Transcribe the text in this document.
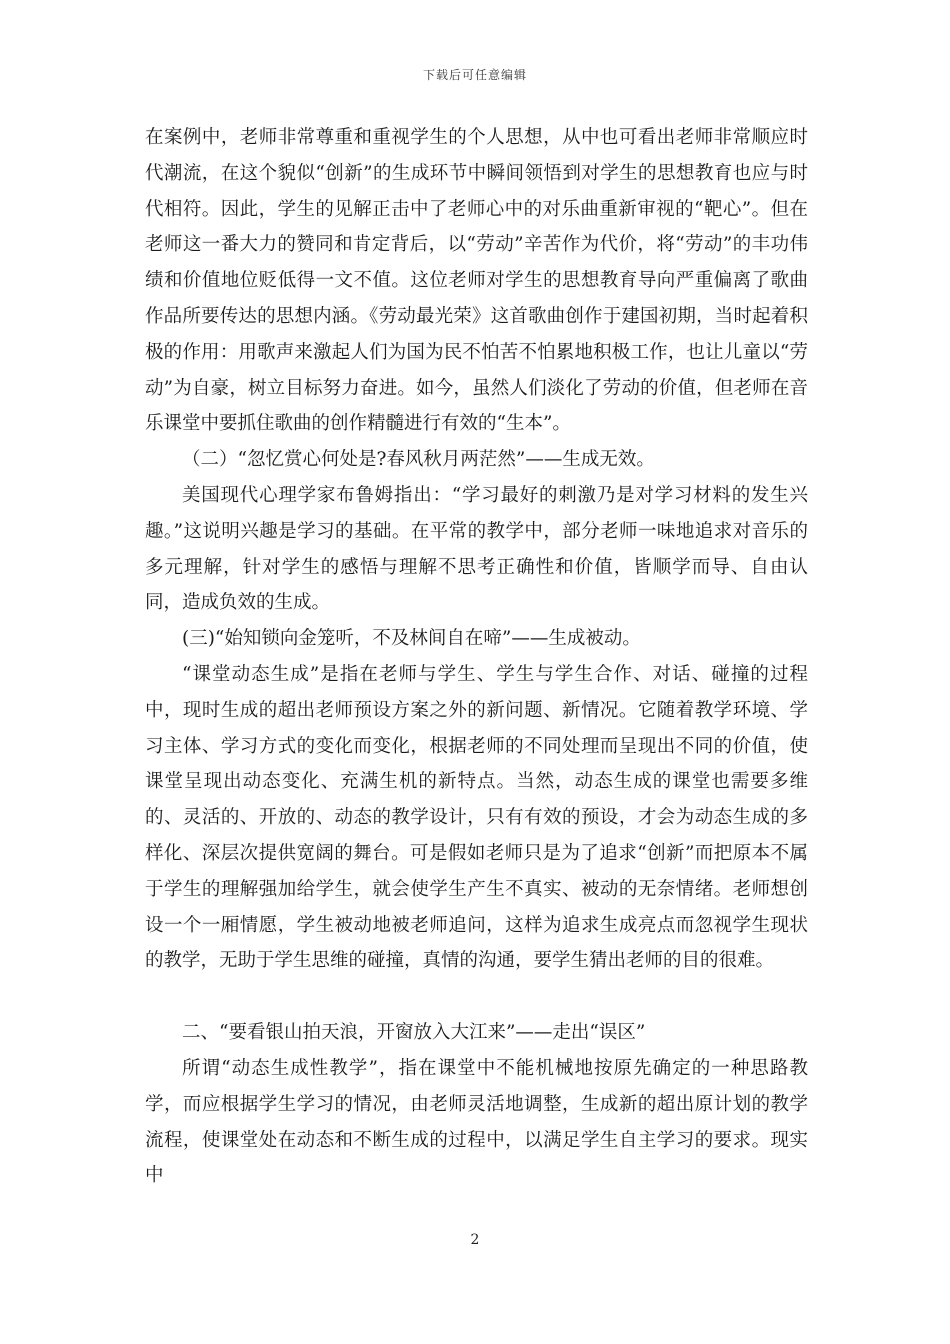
下载后可任意编辑

在案例中，老师非常尊重和重视学生的个人思想，从中也可看出老师非常顺应时代潮流，在这个貌似“创新”的生成环节中瞬间领悟到对学生的思想教育也应与时代相符。因此，学生的见解正击中了老师心中的对乐曲重新审视的“靶心”。但在老师这一番大力的赞同和肯定背后，以“劳动”辛苦作为代价，将“劳动”的丰功伟绩和价值地位贬低得一文不值。这位老师对学生的思想教育导向严重偏离了歌曲作品所要传达的思想内涵。《劳动最光荣》这首歌曲创作于建国初期，当时起着积极的作用：用歌声来激起人们为国为民不怕苦不怕累地积极工作，也让儿童以“劳动”为自豪，树立目标努力奋进。如今，虽然人们淡化了劳动的价值，但老师在音乐课堂中要抓住歌曲的创作精髓进行有效的“生本”。

（二）“忽忆赏心何处是?春风秋月两茫然”——生成无效。

美国现代心理学家布鲁姆指出：“学习最好的刺激乃是对学习材料的发生兴趣。”这说明兴趣是学习的基础。在平常的教学中，部分老师一味地追求对音乐的多元理解，针对学生的感悟与理解不思考正确性和价值，皆顺学而导、自由认同，造成负效的生成。

(三)“始知锁向金笼听，不及林间自在啼”——生成被动。

“课堂动态生成”是指在老师与学生、学生与学生合作、对话、碰撞的过程中，现时生成的超出老师预设方案之外的新问题、新情况。它随着教学环境、学习主体、学习方式的变化而变化，根据老师的不同处理而呈现出不同的价值，使课堂呈现出动态变化、充满生机的新特点。当然，动态生成的课堂也需要多维的、灵活的、开放的、动态的教学设计，只有有效的预设，才会为动态生成的多样化、深层次提供宽阔的舞台。可是假如老师只是为了追求“创新”而把原本不属于学生的理解强加给学生，就会使学生产生不真实、被动的无奈情绪。老师想创设一个一厢情愿，学生被动地被老师追问，这样为追求生成亮点而忽视学生现状的教学，无助于学生思维的碰撞，真情的沟通，要学生猜出老师的目的很难。

二、“要看银山拍天浪，开窗放入大江来”——走出“误区”

所谓“动态生成性教学”，指在课堂中不能机械地按原先确定的一种思路教学，而应根据学生学习的情况，由老师灵活地调整，生成新的超出原计划的教学流程，使课堂处在动态和不断生成的过程中，以满足学生自主学习的要求。现实中

2
